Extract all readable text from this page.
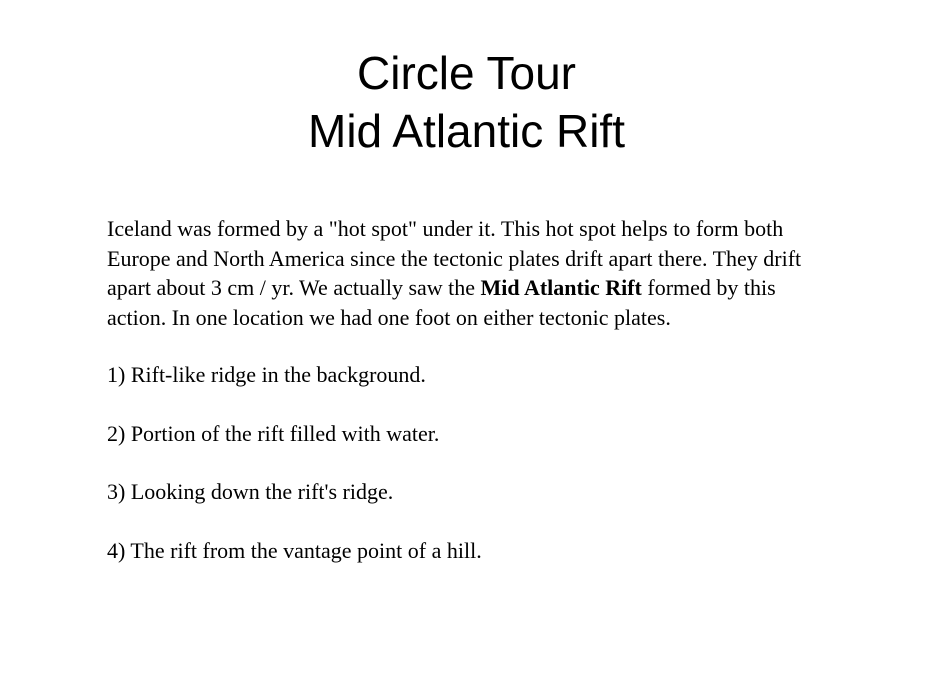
Circle Tour
Mid Atlantic Rift

Iceland was formed by a "hot spot" under it. This hot spot helps to form both Europe and North America since the tectonic plates drift apart there. They drift apart about 3 cm / yr. We actually saw the Mid Atlantic Rift formed by this action. In one location we had one foot on either tectonic plates.

1) Rift-like ridge in the background.

2) Portion of the rift filled with water.

3) Looking down the rift's ridge.

4) The rift from the vantage point of a hill.
